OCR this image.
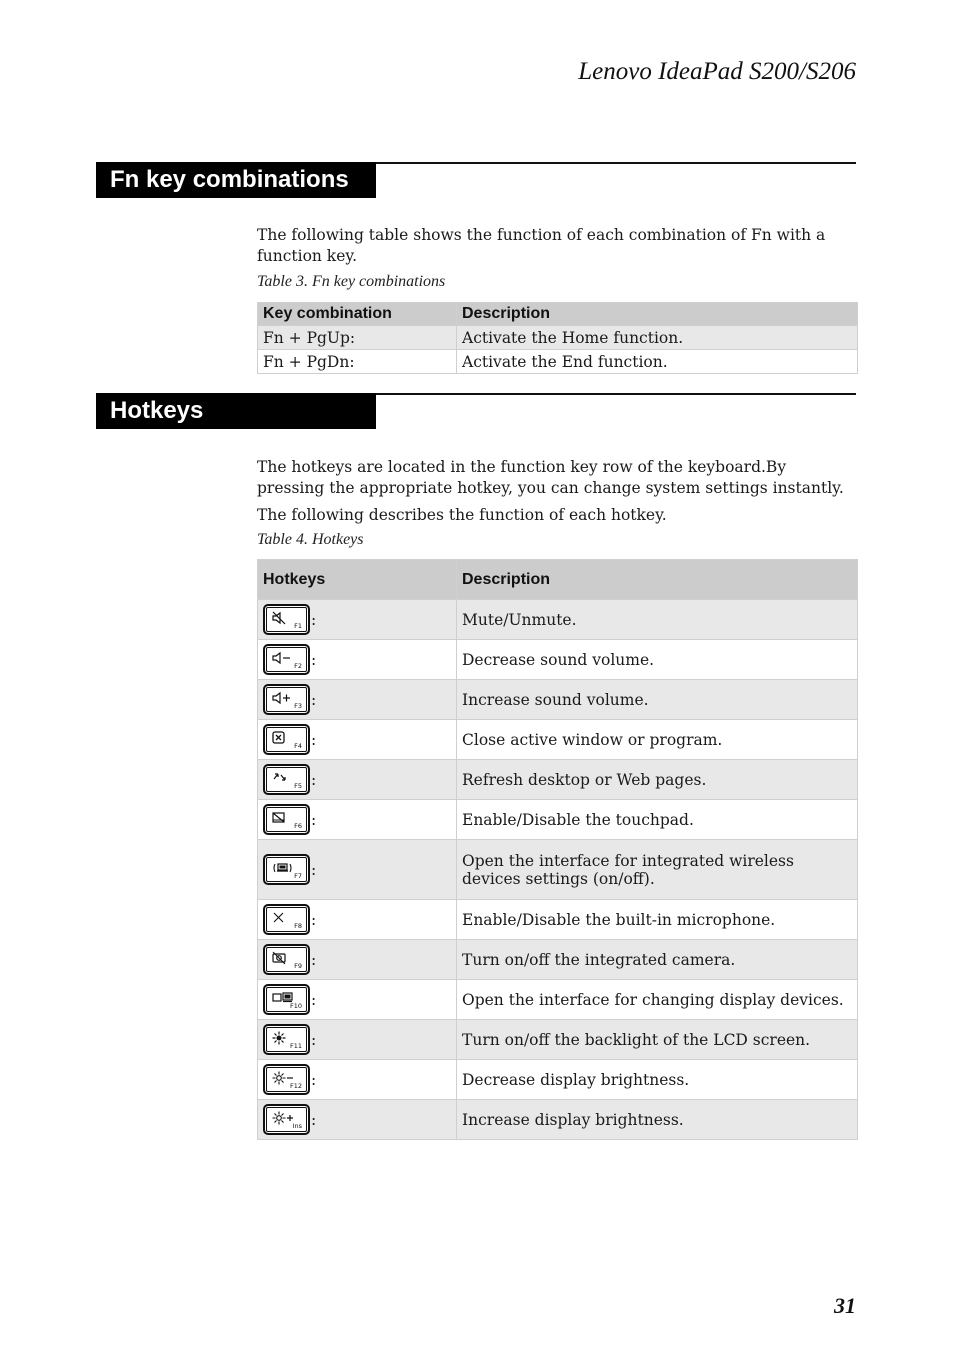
Lenovo IdeaPad S200/S206
Fn key combinations
The following table shows the function of each combination of Fn with a function key.
Table 3. Fn key combinations
Key combination	Description
Fn + PgUp:	Activate the Home function.
Fn + PgDn:	Activate the End function.
Hotkeys
The hotkeys are located in the function key row of the keyboard.By pressing the appropriate hotkey, you can change system settings instantly.
The following describes the function of each hotkey.
Table 4. Hotkeys
Hotkeys	Description

F1 :	Mute/Unmute.

F2 :	Decrease sound volume.

F3 :	Increase sound volume.

F4 :	Close active window or program.

F5 :	Refresh desktop or Web pages.

F6 :	Enable/Disable the touchpad.

F7 :	Open the interface for integrated wireless devices settings (on/off).

F8 :	Enable/Disable the built-in microphone.

F9 :	Turn on/off the integrated camera.

F10 :	Open the interface for changing display devices.

F11 :	Turn on/off the backlight of the LCD screen.

F12 :	Decrease display brightness.

Ins :	Increase display brightness.
31
